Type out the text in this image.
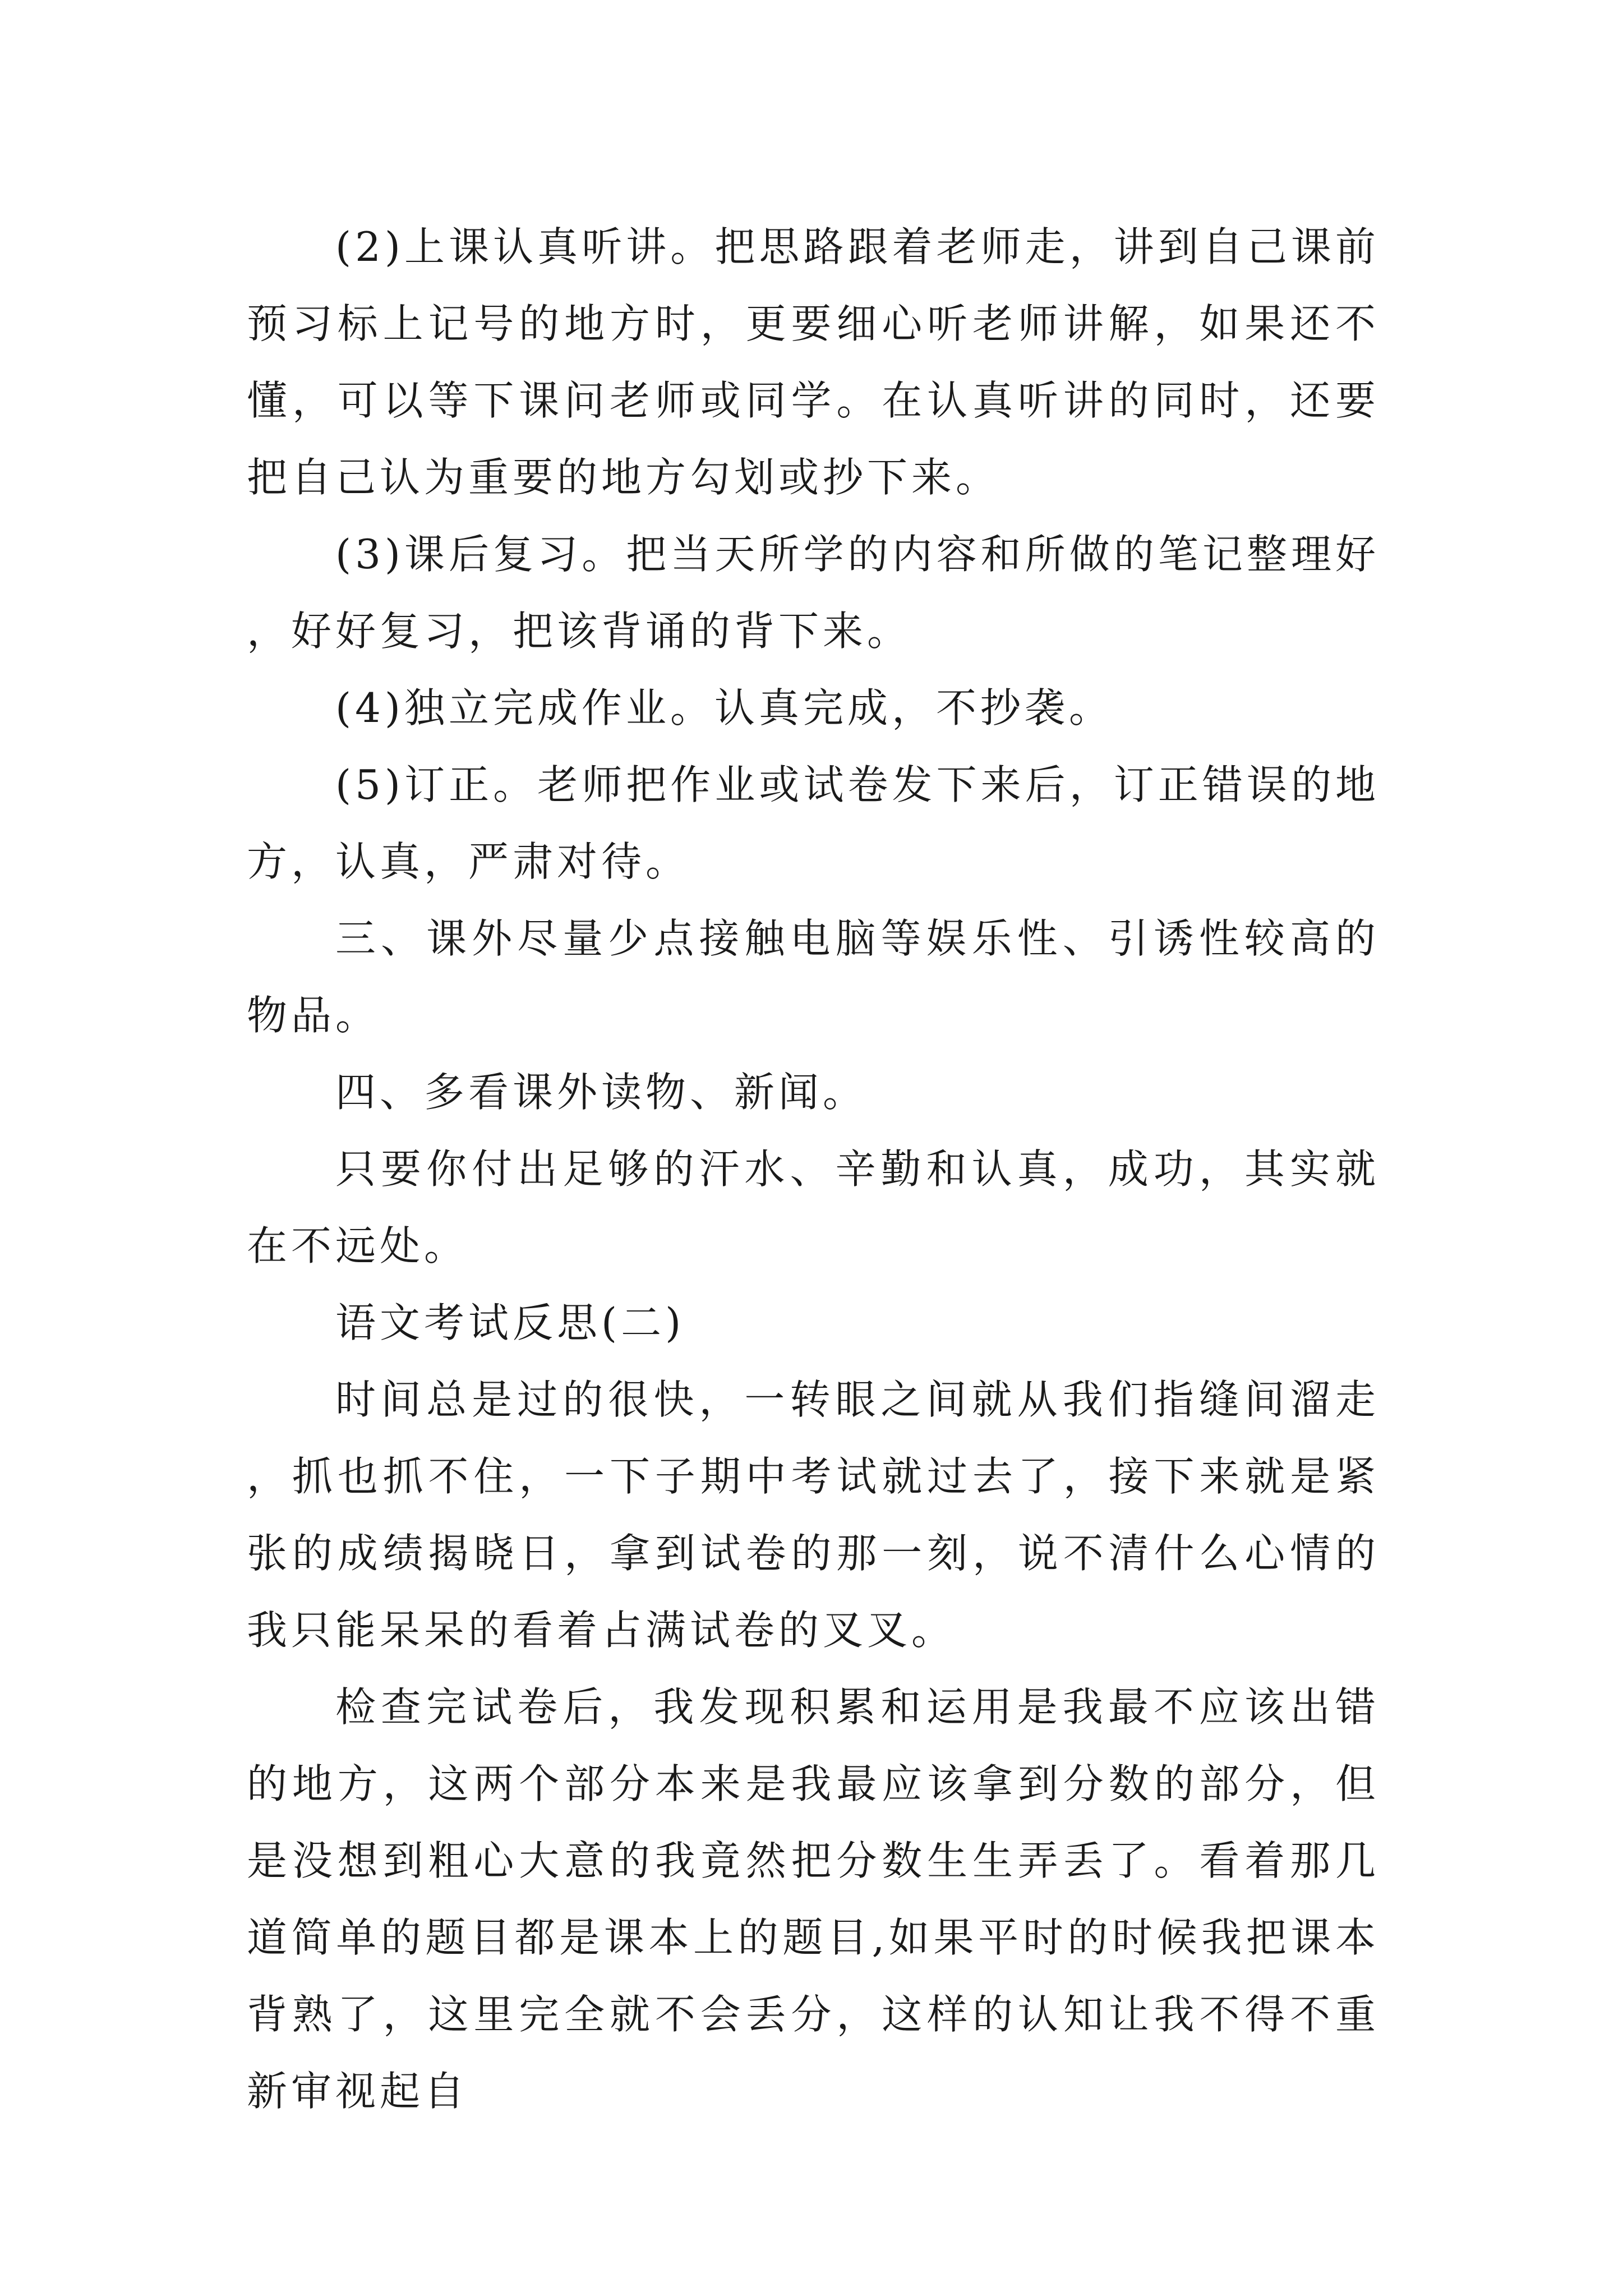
(2)上课认真听讲。把思路跟着老师走，讲到自己课前预习标上记号的地方时，更要细心听老师讲解，如果还不懂，可以等下课问老师或同学。在认真听讲的同时，还要把自己认为重要的地方勾划或抄下来。

(3)课后复习。把当天所学的内容和所做的笔记整理好，好好复习，把该背诵的背下来。

(4)独立完成作业。认真完成，不抄袭。

(5)订正。老师把作业或试卷发下来后，订正错误的地方，认真，严肃对待。

三、课外尽量少点接触电脑等娱乐性、引诱性较高的物品。

四、多看课外读物、新闻。

只要你付出足够的汗水、辛勤和认真，成功，其实就在不远处。

语文考试反思(二)

时间总是过的很快，一转眼之间就从我们指缝间溜走，抓也抓不住，一下子期中考试就过去了，接下来就是紧张的成绩揭晓日，拿到试卷的那一刻，说不清什么心情的我只能呆呆的看着占满试卷的叉叉。

检查完试卷后，我发现积累和运用是我最不应该出错的地方，这两个部分本来是我最应该拿到分数的部分，但是没想到粗心大意的我竟然把分数生生弄丢了。看着那几道简单的题目都是课本上的题目,如果平时的时候我把课本背熟了，这里完全就不会丢分，这样的认知让我不得不重新审视起自
